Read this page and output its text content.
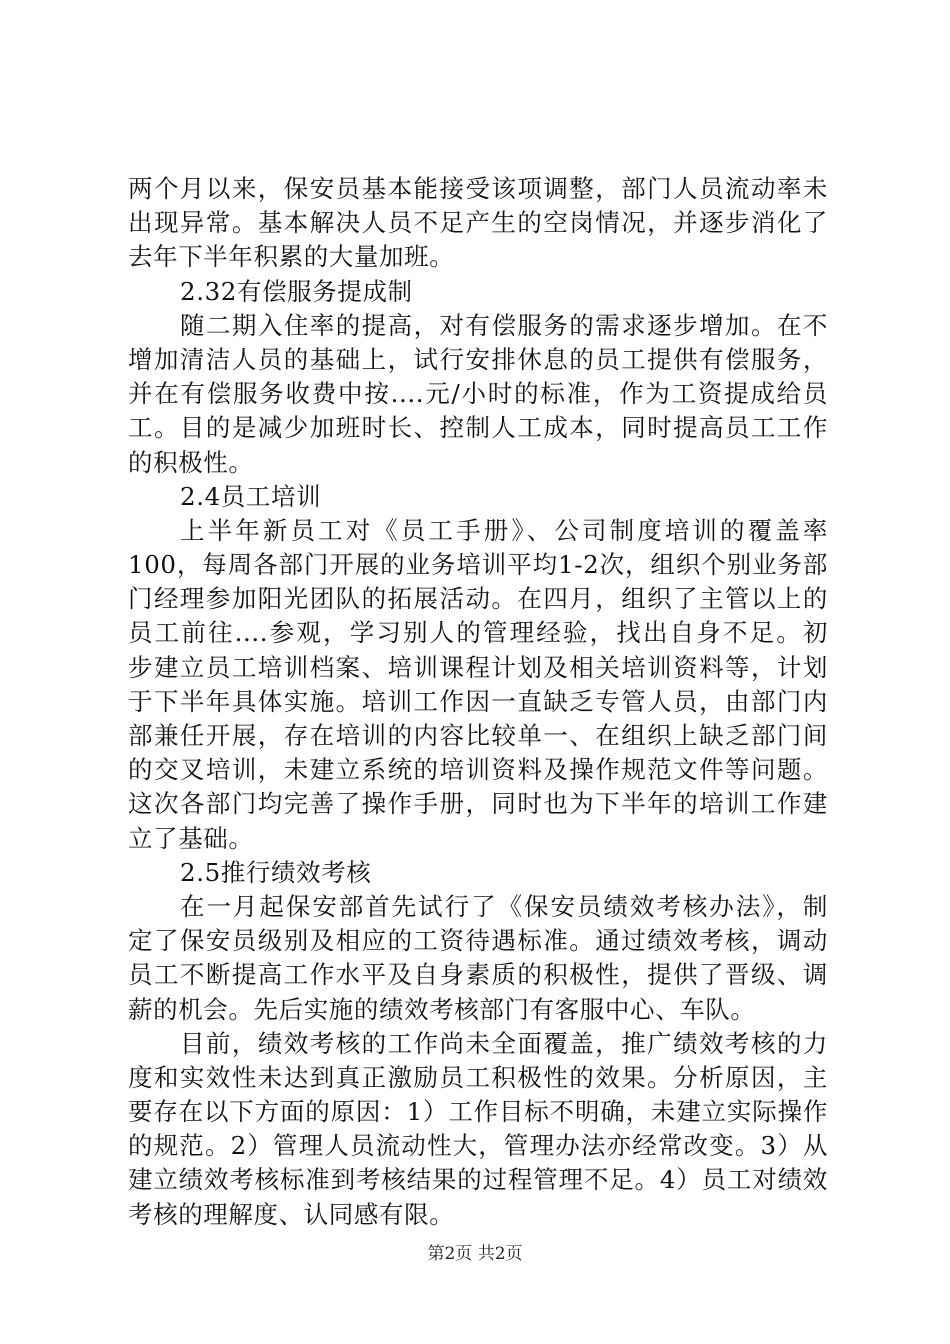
两个月以来，保安员基本能接受该项调整，部门人员流动率未
出现异常。基本解决人员不足产生的空岗情况，并逐步消化了
去年下半年积累的大量加班。
2.32有偿服务提成制
随二期入住率的提高，对有偿服务的需求逐步增加。在不
增加清洁人员的基础上，试行安排休息的员工提供有偿服务，
并在有偿服务收费中按....元/小时的标准，作为工资提成给员
工。目的是减少加班时长、控制人工成本，同时提高员工工作
的积极性。
2.4员工培训
上半年新员工对《员工手册》、公司制度培训的覆盖率
100，每周各部门开展的业务培训平均1-2次，组织个别业务部
门经理参加阳光团队的拓展活动。在四月，组织了主管以上的
员工前往....参观，学习别人的管理经验，找出自身不足。初
步建立员工培训档案、培训课程计划及相关培训资料等，计划
于下半年具体实施。培训工作因一直缺乏专管人员，由部门内
部兼任开展，存在培训的内容比较单一、在组织上缺乏部门间
的交叉培训，未建立系统的培训资料及操作规范文件等问题。
这次各部门均完善了操作手册，同时也为下半年的培训工作建
立了基础。
2.5推行绩效考核
在一月起保安部首先试行了《保安员绩效考核办法》，制
定了保安员级别及相应的工资待遇标准。通过绩效考核，调动
员工不断提高工作水平及自身素质的积极性，提供了晋级、调
薪的机会。先后实施的绩效考核部门有客服中心、车队。
目前，绩效考核的工作尚未全面覆盖，推广绩效考核的力
度和实效性未达到真正激励员工积极性的效果。分析原因，主
要存在以下方面的原因：1）工作目标不明确，未建立实际操作
的规范。2）管理人员流动性大，管理办法亦经常改变。3）从
建立绩效考核标准到考核结果的过程管理不足。4）员工对绩效
考核的理解度、认同感有限。
第2页 共2页
